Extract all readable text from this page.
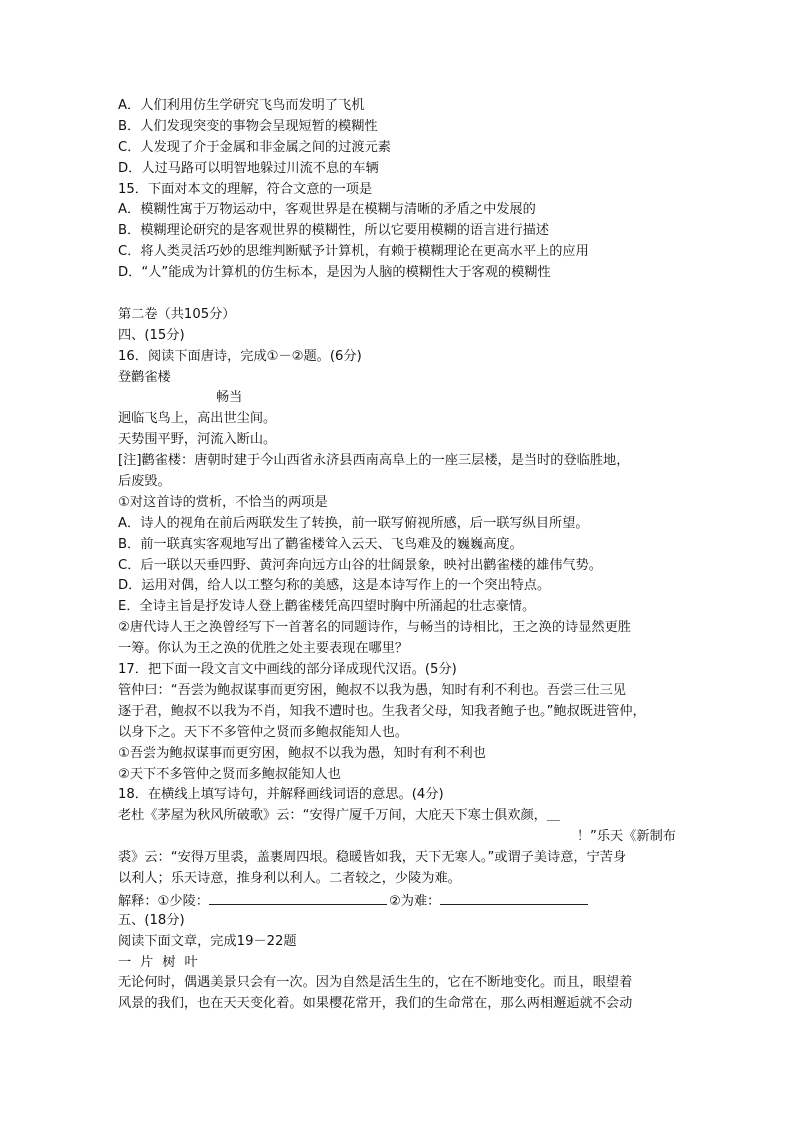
A．人们利用仿生学研究飞鸟而发明了飞机
B．人们发现突变的事物会呈现短暂的模糊性
C．人发现了介于金属和非金属之间的过渡元素
D．人过马路可以明智地躲过川流不息的车辆
15．下面对本文的理解，符合文意的一项是
A．模糊性寓于万物运动中，客观世界是在模糊与清晰的矛盾之中发展的
B．模糊理论研究的是客观世界的模糊性，所以它要用模糊的语言进行描述
C．将人类灵活巧妙的思维判断赋予计算机，有赖于模糊理论在更高水平上的应用
D．“人”能成为计算机的仿生标本，是因为人脑的模糊性大于客观的模糊性
第二卷（共105分）
四、(15分)
16．阅读下面唐诗，完成①－②题。(6分)
登鹳雀楼
畅当
迥临飞鸟上，高出世尘间。
天势围平野，河流入断山。
[注]鹳雀楼：唐朝时建于今山西省永济县西南高阜上的一座三层楼，是当时的登临胜地，
后废毁。
①对这首诗的赏析，不恰当的两项是
A．诗人的视角在前后两联发生了转换，前一联写俯视所感，后一联写纵目所望。
B．前一联真实客观地写出了鹳雀楼耸入云天、飞鸟难及的巍巍高度。
C．后一联以天垂四野、黄河奔向远方山谷的壮阔景象，映衬出鹳雀楼的雄伟气势。
D．运用对偶，给人以工整匀称的美感，这是本诗写作上的一个突出特点。
E．全诗主旨是抒发诗人登上鹳雀楼凭高四望时胸中所涌起的壮志豪情。
②唐代诗人王之涣曾经写下一首著名的同题诗作，与畅当的诗相比，王之涣的诗显然更胜
一筹。你认为王之涣的优胜之处主要表现在哪里？
17．把下面一段文言文中画线的部分译成现代汉语。(5分)
管仲曰：“吾尝为鲍叔谋事而更穷困，鲍叔不以我为愚，知时有利不利也。吾尝三仕三见
逐于君，鲍叔不以我为不肖，知我不遭时也。生我者父母，知我者鲍子也。”鲍叔既进管仲，
以身下之。天下不多管仲之贤而多鲍叔能知人也。
①吾尝为鲍叔谋事而更穷困，鲍叔不以我为愚，知时有利不利也
②天下不多管仲之贤而多鲍叔能知人也
18．在横线上填写诗句，并解释画线词语的意思。(4分)
老杜《茅屋为秋风所破歌》云：“安得广厦千万间，大庇天下寒士俱欢颜，＿
！”乐天《新制布
裘》云：“安得万里裘，盖裹周四垠。稳暖皆如我，天下无寒人。”或谓子美诗意，宁苦身
以利人；乐天诗意，推身利以利人。二者较之，少陵为难。
解释：①少陵：	②为难：
五、(18分)
阅读下面文章，完成19－22题
一片树叶
无论何时，偶遇美景只会有一次。因为自然是活生生的，它在不断地变化。而且，眼望着
风景的我们，也在天天变化着。如果樱花常开，我们的生命常在，那么两相邂逅就不会动
